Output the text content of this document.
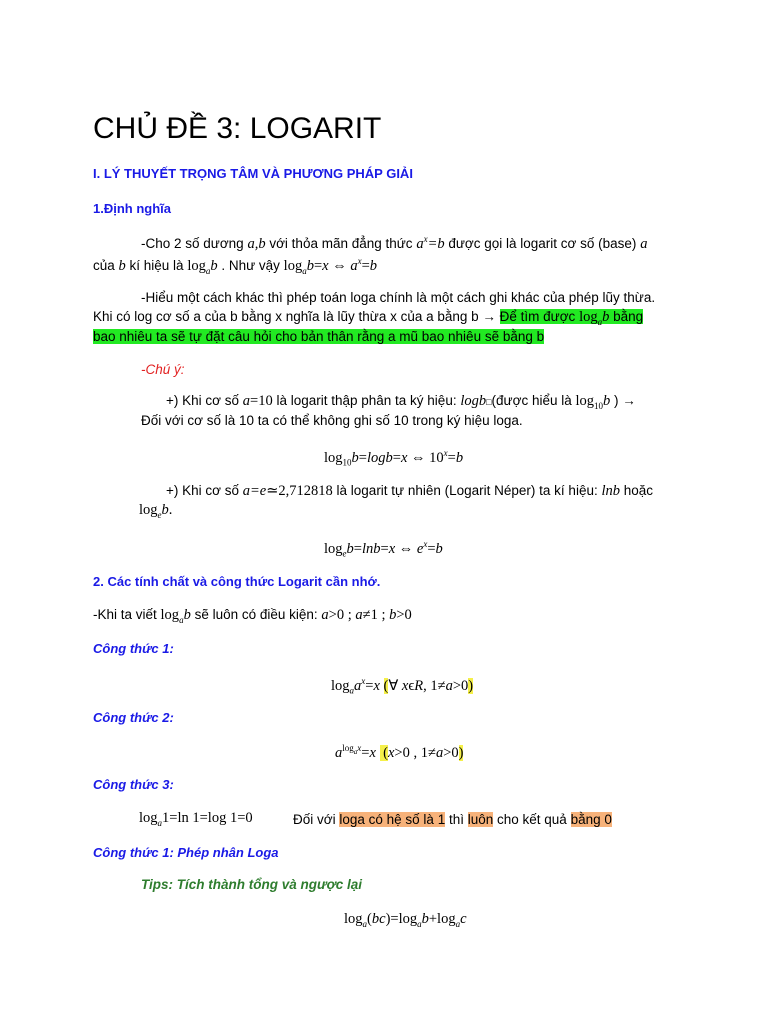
CHỦ ĐỀ 3: LOGARIT
I. LÝ THUYẾT TRỌNG TÂM VÀ PHƯƠNG PHÁP GIẢI
1.Định nghĩa
-Cho 2 số dương a,b với thỏa mãn đẳng thức $a^x=b$ được gọi là logarit cơ số (base) a
của b kí hiệu là $\log_ab$ . Như vậy $\log_ab=x$ ⇔ $a^x=b$
-Hiểu một cách khác thì phép toán loga chính là một cách ghi khác của phép lũy thừa.
Khi có log cơ số a của b bằng x nghĩa là lũy thừa x của a bằng b → Để tìm được $\log_ab$ bằng
bao nhiêu ta sẽ tự đặt câu hỏi cho bản thân rằng a mũ bao nhiêu sẽ bằng b
-Chú ý:
+) Khi cơ số a=10 là logarit thập phân ta ký hiệu: logb□(được hiểu là $\log_{10}b$ ) →
Đối với cơ số là 10 ta có thể không ghi số 10 trong ký hiệu loga.
$\log_{10}b=\log b=x$ ⇔ $10^x=b$
+) Khi cơ số a=e≃2,712818 là logarit tự nhiên (Logarit Néper) ta kí hiệu: lnb hoặc
$\log_eb$.
$\log_eb=\ln b=x$ ⇔ $e^x=b$
2. Các tính chất và công thức Logarit cần nhớ.
-Khi ta viết $\log_ab$ sẽ luôn có điều kiện: a>0 ; a≠1 ; b>0
Công thức 1:
$\log_aa^x=x$ (∀ xϵR, 1≠a>0)
Công thức 2:
$a^{log_ax}=x$  (x>0 , 1≠a>0)
Công thức 3:
$\log_a1=\ln$ 1=log 1=0	Đối với loga có hệ số là 1 thì luôn cho kết quả bằng 0
Công thức 1: Phép nhân Loga
Tips: Tích thành tổng và ngược lại
$\log_a(bc)=\log_ab+\log_ac$
